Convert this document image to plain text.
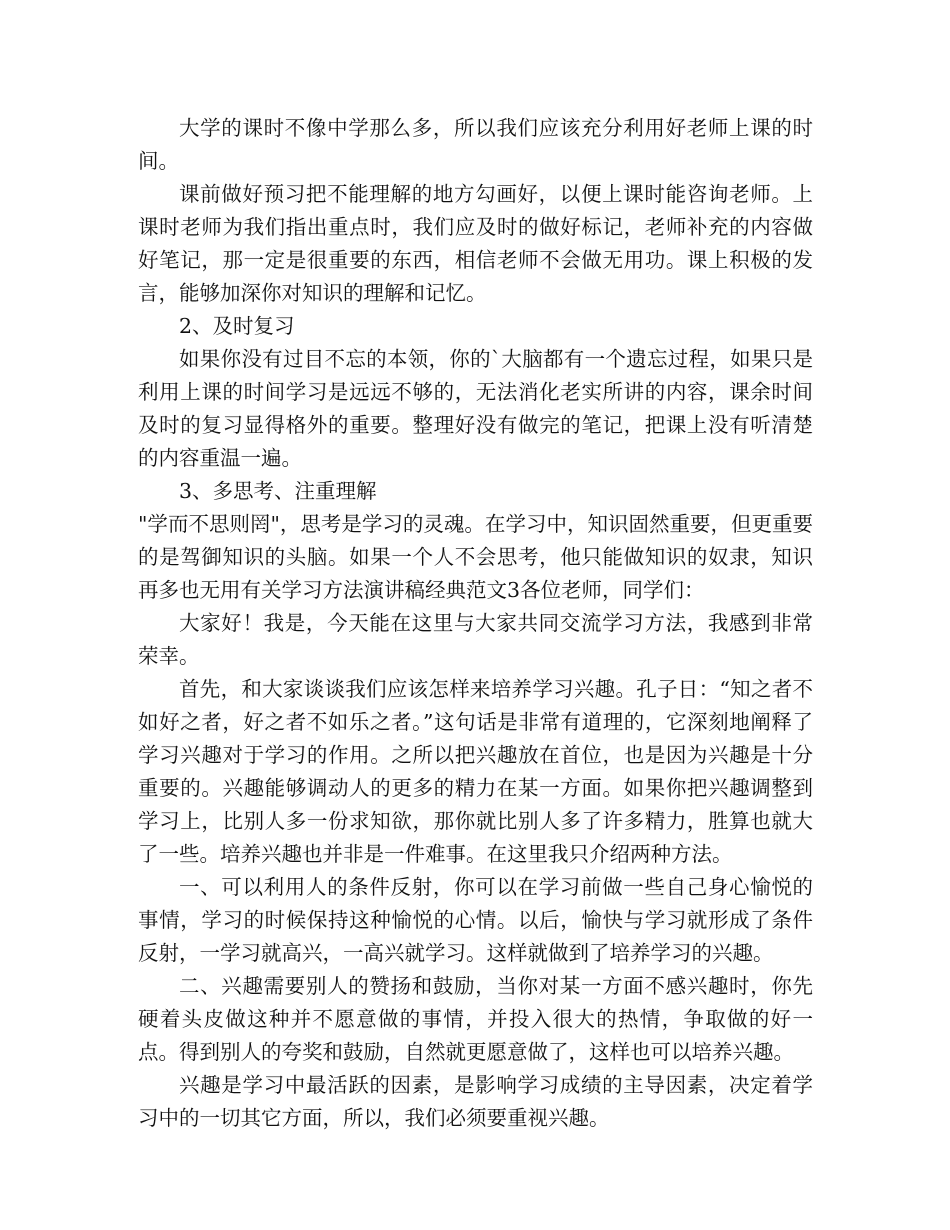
大学的课时不像中学那么多，所以我们应该充分利用好老师上课的时间。

课前做好预习把不能理解的地方勾画好，以便上课时能咨询老师。上课时老师为我们指出重点时，我们应及时的做好标记，老师补充的内容做好笔记，那一定是很重要的东西，相信老师不会做无用功。课上积极的发言，能够加深你对知识的理解和记忆。

2、及时复习

如果你没有过目不忘的本领，你的`大脑都有一个遗忘过程，如果只是利用上课的时间学习是远远不够的，无法消化老实所讲的内容，课余时间及时的复习显得格外的重要。整理好没有做完的笔记，把课上没有听清楚的内容重温一遍。

3、多思考、注重理解

"学而不思则罔"，思考是学习的灵魂。在学习中，知识固然重要，但更重要的是驾御知识的头脑。如果一个人不会思考，他只能做知识的奴隶，知识再多也无用有关学习方法演讲稿经典范文3各位老师，同学们：

大家好！我是，今天能在这里与大家共同交流学习方法，我感到非常荣幸。

首先，和大家谈谈我们应该怎样来培养学习兴趣。孔子日：“知之者不如好之者，好之者不如乐之者。”这句话是非常有道理的，它深刻地阐释了学习兴趣对于学习的作用。之所以把兴趣放在首位，也是因为兴趣是十分重要的。兴趣能够调动人的更多的精力在某一方面。如果你把兴趣调整到学习上，比别人多一份求知欲，那你就比别人多了许多精力，胜算也就大了一些。培养兴趣也并非是一件难事。在这里我只介绍两种方法。

一、可以利用人的条件反射，你可以在学习前做一些自己身心愉悦的事情，学习的时候保持这种愉悦的心情。以后，愉快与学习就形成了条件反射，一学习就高兴，一高兴就学习。这样就做到了培养学习的兴趣。

二、兴趣需要别人的赞扬和鼓励，当你对某一方面不感兴趣时，你先硬着头皮做这种并不愿意做的事情，并投入很大的热情，争取做的好一点。得到别人的夸奖和鼓励，自然就更愿意做了，这样也可以培养兴趣。

兴趣是学习中最活跃的因素，是影响学习成绩的主导因素，决定着学习中的一切其它方面，所以，我们必须要重视兴趣。
